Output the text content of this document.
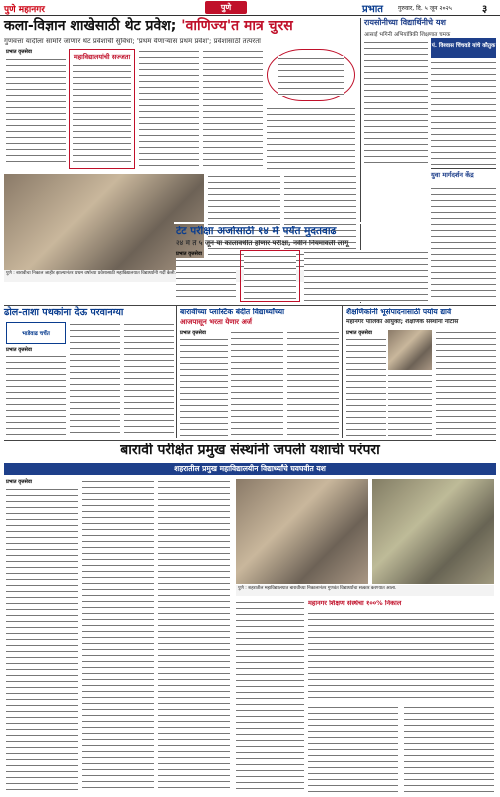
पुणे महानगर	पुणे	प्रभात गुरुवार, दि. ५ जून २०२५	३
कला-विज्ञान शाखेसाठी थेट प्रवेश; 'वाणिज्य'त मात्र चुरस
गुणवत्ता यादीला सामोरे जाणार थेट प्रवेशाची सुविधा; 'प्रथम येणाऱ्यास प्रथम प्रवेश'; प्रवेशासाठी तत्परता
प्रभात वृत्तसेवा
महाविद्यालयांची सज्जता
पुणे : बारावीचा निकाल जाहीर झाल्यानंतर प्रथम वर्षाच्या प्रवेशासाठी महाविद्यालयात विद्यार्थ्यांनी गर्दी केली.
रायसोनीच्या विद्यार्थिनीचे यश
आसाई भगिनी अभियांत्रिकी शिक्षणात चमक
पं. विश्वास चिंचवडे यांचे कौतुक
युवा मार्गदर्शन केंद्र
टेट परीक्षा अर्जासाठी १४ मे पर्यंत मुदतवाढ
२४ मे ते ५ जून या कालावधीत होणार परीक्षा, नवीन नियमावली लागू
प्रभात वृत्तसेवा
ढोल-ताशा पथकांना देऊ परवानग्या
भाडेवाढ चर्चेत
प्रभात वृत्तसेवा
बारावीच्या प्लास्टिक बंदीत विद्यार्थ्यांच्या
आजपासून भरता येणार अर्ज
प्रभात वृत्तसेवा
शैक्षणिकांनी भूसंपादनासाठी पर्याय द्यावे
महानगर पालिका आयुक्त; शैक्षणिक संस्थांना नोटीस
प्रभात वृत्तसेवा
बारावी परीक्षेत प्रमुख संस्थांनी जपली यशाची परंपरा
शहरातील प्रमुख महाविद्यालयीन विद्यार्थ्यांचे घवघवीत यश
प्रभात वृत्तसेवा
पुणे : शहरातील महाविद्यालयात बारावीच्या निकालानंतर गुणवंत विद्यार्थ्यांचा सत्कार करण्यात आला.
महानगर शिक्षण संस्थेचा १००% निकाल
